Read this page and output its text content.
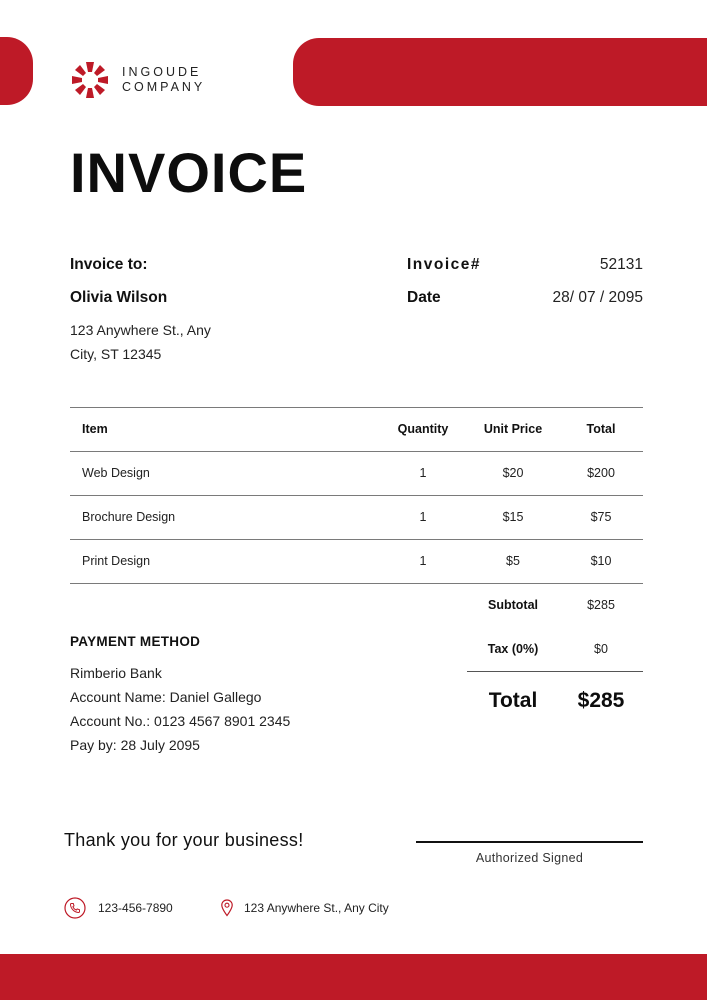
INGOUDE
COMPANY
INVOICE
Invoice to:
Olivia Wilson
123 Anywhere St., Any
City, ST 12345
Invoice#	52131
Date	28/ 07 / 2095
Item	Quantity	Unit Price	Total
Web Design	1	$20	$200
Brochure Design	1	$15	$75
Print Design	1	$5	$10
Subtotal	$285
Tax (0%)	$0
Total	$285
PAYMENT METHOD
Rimberio Bank
Account Name: Daniel Gallego
Account No.: 0123 4567 8901 2345
Pay by: 28 July 2095
Thank you for your business!
Authorized Signed
123-456-7890	123 Anywhere St., Any City
